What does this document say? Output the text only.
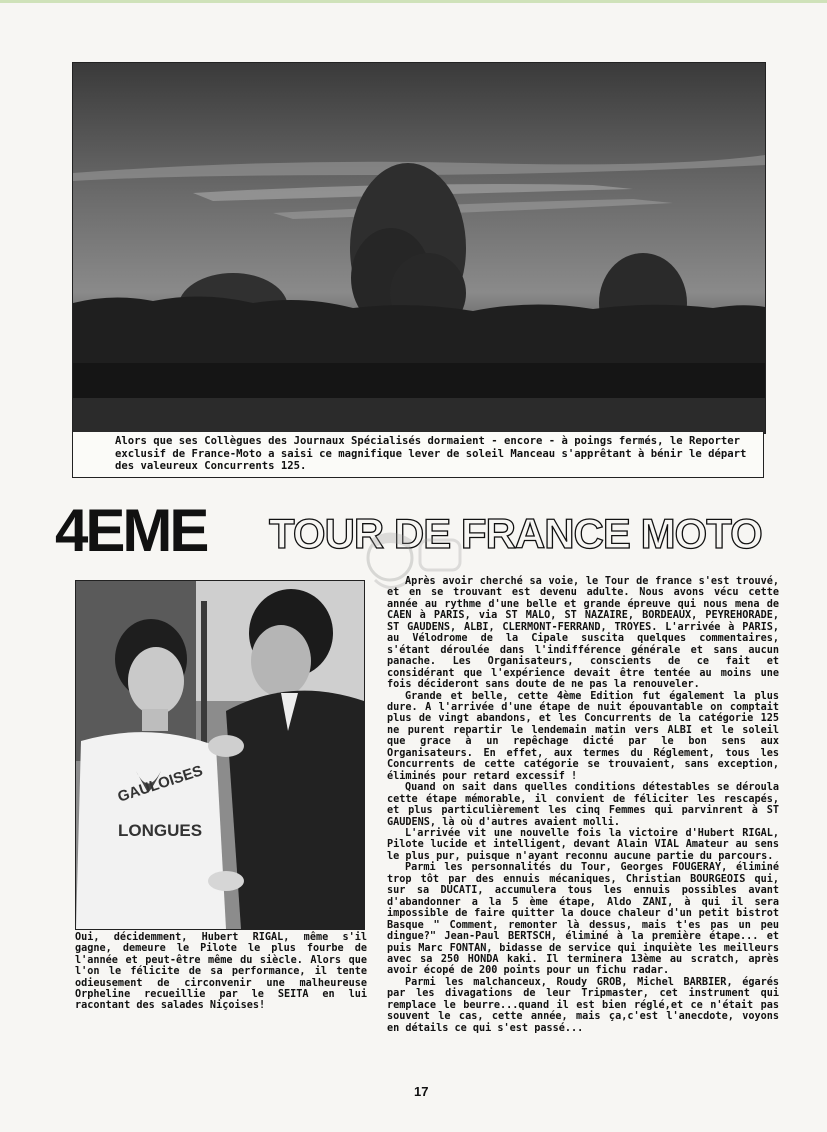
Alors que ses Collègues des Journaux Spécialisés dormaient - encore - à poings fermés, le Reporter exclusif de France-Moto a saisi ce magnifique lever de soleil Manceau s'apprêtant à bénir le départ des valeureux Concurrents 125.
4EME TOUR DE FRANCE MOTO
GAULOISES
LONGUES
Oui, décidemment, Hubert RIGAL, même s'il gagne, demeure le Pilote le plus fourbe de l'année et peut-être même du siècle. Alors que l'on le félicite de sa performance, il tente odieusement de circonvenir une malheureuse Orpheline recueillie par le SEITA en lui racontant des salades Niçoises!

Après avoir cherché sa voie, le Tour de france s'est trouvé, et en se trouvant est devenu adulte. Nous avons vécu cette année au rythme d'une belle et grande épreuve qui nous mena de CAEN à PARIS, via ST MALO, ST NAZAIRE, BORDEAUX, PEYREHORADE, ST GAUDENS, ALBI, CLERMONT-FERRAND, TROYES. L'arrivée à PARIS, au Vélodrome de la Cipale suscita quelques commentaires, s'étant déroulée dans l'indifférence générale et sans aucun panache. Les Organisateurs, conscients de ce fait et considérant que l'expérience devait être tentée au moins une fois décideront sans doute de ne pas la renouveler.

Grande et belle, cette 4ème Edition fut également la plus dure. A l'arrivée d'une étape de nuit épouvantable on comptait plus de vingt abandons, et les Concurrents de la catégorie 125 ne purent repartir le lendemain matin vers ALBI et le soleil que grace à un repêchage dicté par le bon sens aux Organisateurs. En effet, aux termes du Réglement, tous les Concurrents de cette catégorie se trouvaient, sans exception, éliminés pour retard excessif !

Quand on sait dans quelles conditions détestables se déroula cette étape mémorable, il convient de féliciter les rescapés, et plus particulièrement les cinq Femmes qui parvinrent à ST GAUDENS, là où d'autres avaient molli.

L'arrivée vit une nouvelle fois la victoire d'Hubert RIGAL, Pilote lucide et intelligent, devant Alain VIAL Amateur au sens le plus pur, puisque n'ayant reconnu aucune partie du parcours.

Parmi les personnalités du Tour, Georges FOUGERAY, éliminé trop tôt par des ennuis mécaniques, Christian BOURGEOIS qui, sur sa DUCATI, accumulera tous les ennuis possibles avant d'abandonner a la 5 ème étape, Aldo ZANI, à qui il sera impossible de faire quitter la douce chaleur d'un petit bistrot Basque " Comment, remonter là dessus, mais t'es pas un peu dingue?" Jean-Paul BERTSCH, éliminé à la première étape... et puis Marc FONTAN, bidasse de service qui inquiète les meilleurs avec sa 250 HONDA kaki. Il terminera 13ème au scratch, après avoir écopé de 200 points pour un fichu radar.

Parmi les malchanceux, Roudy GROB, Michel BARBIER, égarés par les divagations de leur Tripmaster, cet instrument qui remplace le beurre...quand il est bien réglé,et ce n'était pas souvent le cas, cette année, mais ça,c'est l'anecdote, voyons en détails ce qui s'est passé...

17
